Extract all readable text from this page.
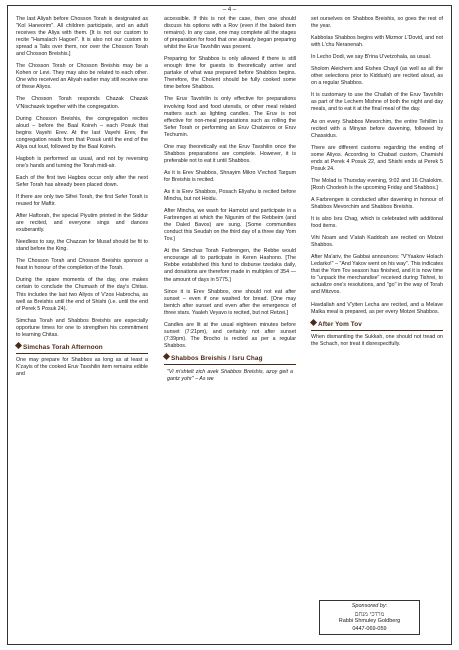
– 4 –

The last Aliyah before Chosson Torah is designated as "Kol Haneorim". All children participate, and an adult receives the Aliya with them. [It is not our custom to recite "Hamalach Hagoel". It is also not our custom to spread a Talis over them, nor over the Chosson Torah and Chosson Breishis.]

The Chosson Torah or Chosson Breishis may be a Kohen or Levi. They may also be related to each other. One who received an Aliyah earlier may still receive one of these Aliyos.

The Chosson Torah responds Chazak Chazak V'Nischazek together with the congregation.

During Chosson Breishis, the congregation recites aloud – before the Baal Koireh – each Posuk that begins Vayehi Erev. At the last Vayehi Erev, the congregation reads from that Posuk until the end of the Aliya out loud, followed by the Baal Koireh.

Hagboh is performed as usual, and not by reversing one's hands and turning the Torah midi-air.

Each of the first two Hagbos occur only after the next Sefer Torah has already been placed down.

If there are only two Sifrei Torah, the first Sefer Torah is reused for Maftir.

After Haftorah, the special Piyutim printed in the Siddur are recited, and everyone sings and dances exuberantly.

Needless to say, the Chazzan for Musaf should be fit to stand before the King.

The Chosson Torah and Chosson Breishis sponsor a feast in honour of the completion of the Torah.

During the spare moments of the day, one makes certain to conclude the Chumash of the day's Chitas. This includes the last two Aliyos of V'zos Habrocha, as well as Breishis until the end of Shishi (i.e. until the end of Perek 5 Posuk 24).

Simchas Torah and Shabbos Breishis are especially opportune times for one to strengthen his commitment to learning Chitas.

Simchas Torah Afternoon

One may prepare for Shabbos as long as at least a K'zayis of the cooked Eruv Tavshilin item remains edible and

accessible. If this is not the case, then one should discuss his options with a Rov (even if the baked item remains). In any case, one may complete all the stages of preparation for food that one already began preparing whilst the Eruv Tavshilin was present.

Preparing for Shabbos is only allowed if there is still enough time for guests to theoretically arrive and partake of what was prepared before Shabbos begins. Therefore, the Cholent should be fully cooked some time before Shabbos.

The Eruv Tavshilin is only effective for preparations involving food and food utensils, or other meal related matters such as lighting candles. The Eruv is not effective for non-meal preparations such as rolling the Sefer Torah or performing an Eruv Chatzeros or Eruv Techumin.

One may theoretically eat the Eruv Tavshilin once the Shabbos preparations are complete. However, it is preferable not to eat it until Shabbos.

As it is Erev Shabbos, Shnayim Mikro V'echod Targum for Breishis is recited.

As it is Erev Shabbos, Posach Eliyahu is recited before Mincha, but not Hoidu.

After Mincha, we wash for Hamotzi and participate in a Farbrengen at which the Nigunim of the Rebbeim (and the Daled Bavos) are sung. [Some communities conduct this Seudah on the third day of a three day Yom Tov.]

At the Simchas Torah Farbrengen, the Rebbe would encourage all to participate in Keren Hashono. [The Rebbe established this fund to disburse tzedaka daily, and donations are therefore made in multiples of 354 — the amount of days in 5775.]

Since it is Erev Shabbos, one should not eat after sunset – even if one washed for bread. [One may bentch after sunset and even after the emergence of three stars. Yaaleh Veyavo is recited, but not Retzei.]

Candles are lit at the usual eighteen minutes before sunset (7:21pm), and certainly not after sunset (7:39pm). The Brocho is recited as per a regular Shabbos.

Shabbos Breishis / Isru Chag

"Vi m'shtelt zich avek Shabbos Breishis, azoy geit a gantz yohr" – As we

set ourselves on Shabbos Breishis, so goes the rest of the year.

Kabbolas Shabbos begins with Mizmor L'Dovid, and not with L'chu Neranenah.

In Lecho Dodi, we say B'rina U'vetzohala, as usual.

Sholom Aleichem and Eishes Chayil (as well as all the other selections prior to Kiddush) are recited aloud, as on a regular Shabbos.

It is customary to use the Challah of the Eruv Tavshilin as part of the Lechem Mishne of both the night and day meals, and to eat it at the final meal of the day.

As on every Shabbos Mevorchim, the entire Tehillim is recited with a Minyan before davening, followed by Chassidus.

There are different customs regarding the ending of some Aliyos. According to Chabad custom, Chamishi ends at Perek 4 Posuk 22, and Shishi ends at Perek 5 Posuk 24.

The Molad is Thursday evening, 9:02 and 16 Chalokim. [Rosh Chodesh is the upcoming Friday and Shabbos.]

A Farbrengen is conducted after davening in honour of Shabbos Mevorchim and Shabbos Breishis.

It is also Isru Chag, which is celebrated with additional food items.

Vihi Noam and V'atah Kaddosh are recited on Motzei Shabbos.

After Ma'ariv, the Gabbai announces: "V'Yaakov Holach Ledarko!" – "And Yakov went on his way". This indicates that the Yom Tov season has finished, and it is now time to "unpack the merchandise" received during Tishrei, to actualize one's resolutions, and "go" in the way of Torah and Mitzvos.

Havdallah and V'yiten Lecha are recited, and a Melave Malka meal is prepared, as per every Motzei Shabbos.

After Yom Tov

When dismantling the Sukkah, one should not tread on the Schach, nor treat it disrespectfully.

Sponsored by:
מרדכי מנחם
Rabbi Shmuley Goldberg
0447-069-059
